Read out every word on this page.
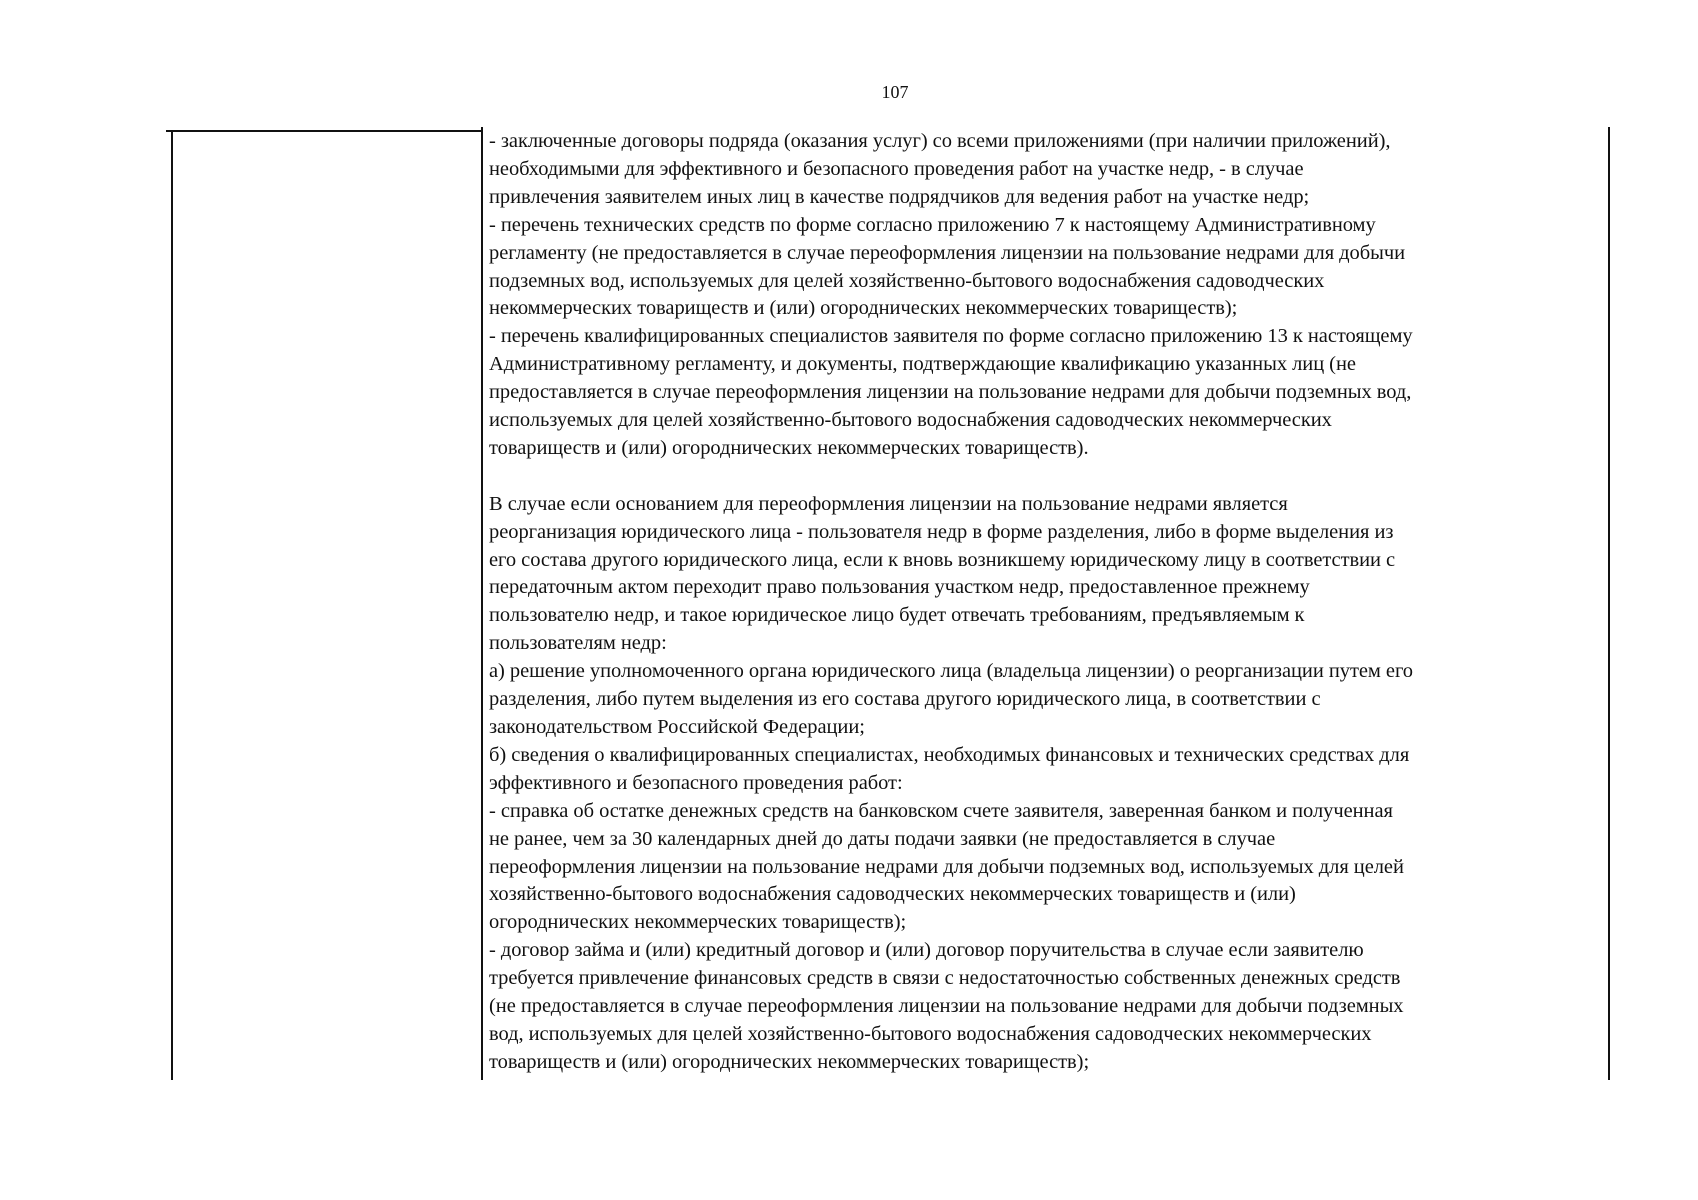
107

- заключенные договоры подряда (оказания услуг) со всеми приложениями (при наличии приложений),

необходимыми для эффективного и безопасного проведения работ на участке недр, - в случае

привлечения заявителем иных лиц в качестве подрядчиков для ведения работ на участке недр;

- перечень технических средств по форме согласно приложению 7 к настоящему Административному

регламенту (не предоставляется в случае переоформления лицензии на пользование недрами для добычи

подземных вод, используемых для целей хозяйственно-бытового водоснабжения садоводческих

некоммерческих товариществ и (или) огороднических некоммерческих товариществ);

- перечень квалифицированных специалистов заявителя по форме согласно приложению 13 к настоящему

Административному регламенту, и документы, подтверждающие квалификацию указанных лиц (не

предоставляется в случае переоформления лицензии на пользование недрами для добычи подземных вод,

используемых для целей хозяйственно-бытового водоснабжения садоводческих некоммерческих

товариществ и (или) огороднических некоммерческих товариществ).

В случае если основанием для переоформления лицензии на пользование недрами является

реорганизация юридического лица - пользователя недр в форме разделения, либо в форме выделения из

его состава другого юридического лица, если к вновь возникшему юридическому лицу в соответствии с

передаточным актом переходит право пользования участком недр, предоставленное прежнему

пользователю недр, и такое юридическое лицо будет отвечать требованиям, предъявляемым к

пользователям недр:

а) решение уполномоченного органа юридического лица (владельца лицензии) о реорганизации путем его

разделения, либо путем выделения из его состава другого юридического лица, в соответствии с

законодательством Российской Федерации;

б) сведения о квалифицированных специалистах, необходимых финансовых и технических средствах для

эффективного и безопасного проведения работ:

- справка об остатке денежных средств на банковском счете заявителя, заверенная банком и полученная

не ранее, чем за 30 календарных дней до даты подачи заявки (не предоставляется в случае

переоформления лицензии на пользование недрами для добычи подземных вод, используемых для целей

хозяйственно-бытового водоснабжения садоводческих некоммерческих товариществ и (или)

огороднических некоммерческих товариществ);

- договор займа и (или) кредитный договор и (или) договор поручительства в случае если заявителю

требуется привлечение финансовых средств в связи с недостаточностью собственных денежных средств

(не предоставляется в случае переоформления лицензии на пользование недрами для добычи подземных

вод, используемых для целей хозяйственно-бытового водоснабжения садоводческих некоммерческих

товариществ и (или) огороднических некоммерческих товариществ);
